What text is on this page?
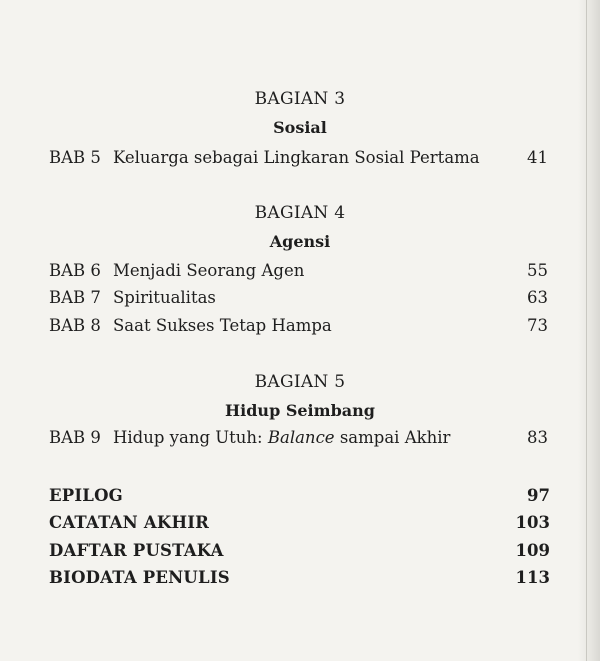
BAGIAN 3
Sosial
BAB 5 Keluarga sebagai Lingkaran Sosial Pertama	41
BAGIAN 4
Agensi
BAB 6 Menjadi Seorang Agen	55
BAB 7 Spiritualitas	63
BAB 8 Saat Sukses Tetap Hampa	73
BAGIAN 5
Hidup Seimbang
BAB 9 Hidup yang Utuh: Balance sampai Akhir	83
EPILOG	97
CATATAN AKHIR	103
DAFTAR PUSTAKA	109
BIODATA PENULIS	113
